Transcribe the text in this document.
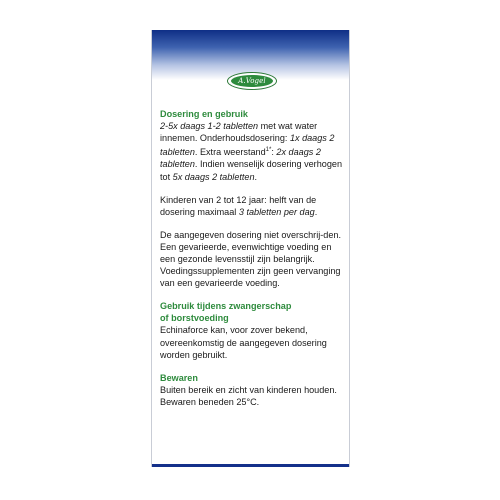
A.Vogel

Dosering en gebruik

2-5x daags 1-2 tabletten met wat water innemen. Onderhoudsdosering: 1x daags 2 tabletten. Extra weerstand$^{1*}$: 2x daags 2 tabletten. Indien wenselijk dosering verhogen tot 5x daags 2 tabletten.

Kinderen van 2 tot 12 jaar: helft van de dosering maximaal 3 tabletten per dag.

De aangegeven dosering niet overschrij-den. Een gevarieerde, evenwichtige voeding en een gezonde levensstijl zijn belangrijk. Voedingssupplementen zijn geen vervanging van een gevarieerde voeding.

Gebruik tijdens zwangerschap

of borstvoeding

Echinaforce kan, voor zover bekend, overeenkomstig de aangegeven dosering worden gebruikt.

Bewaren

Buiten bereik en zicht van kinderen houden. Bewaren beneden 25°C.
